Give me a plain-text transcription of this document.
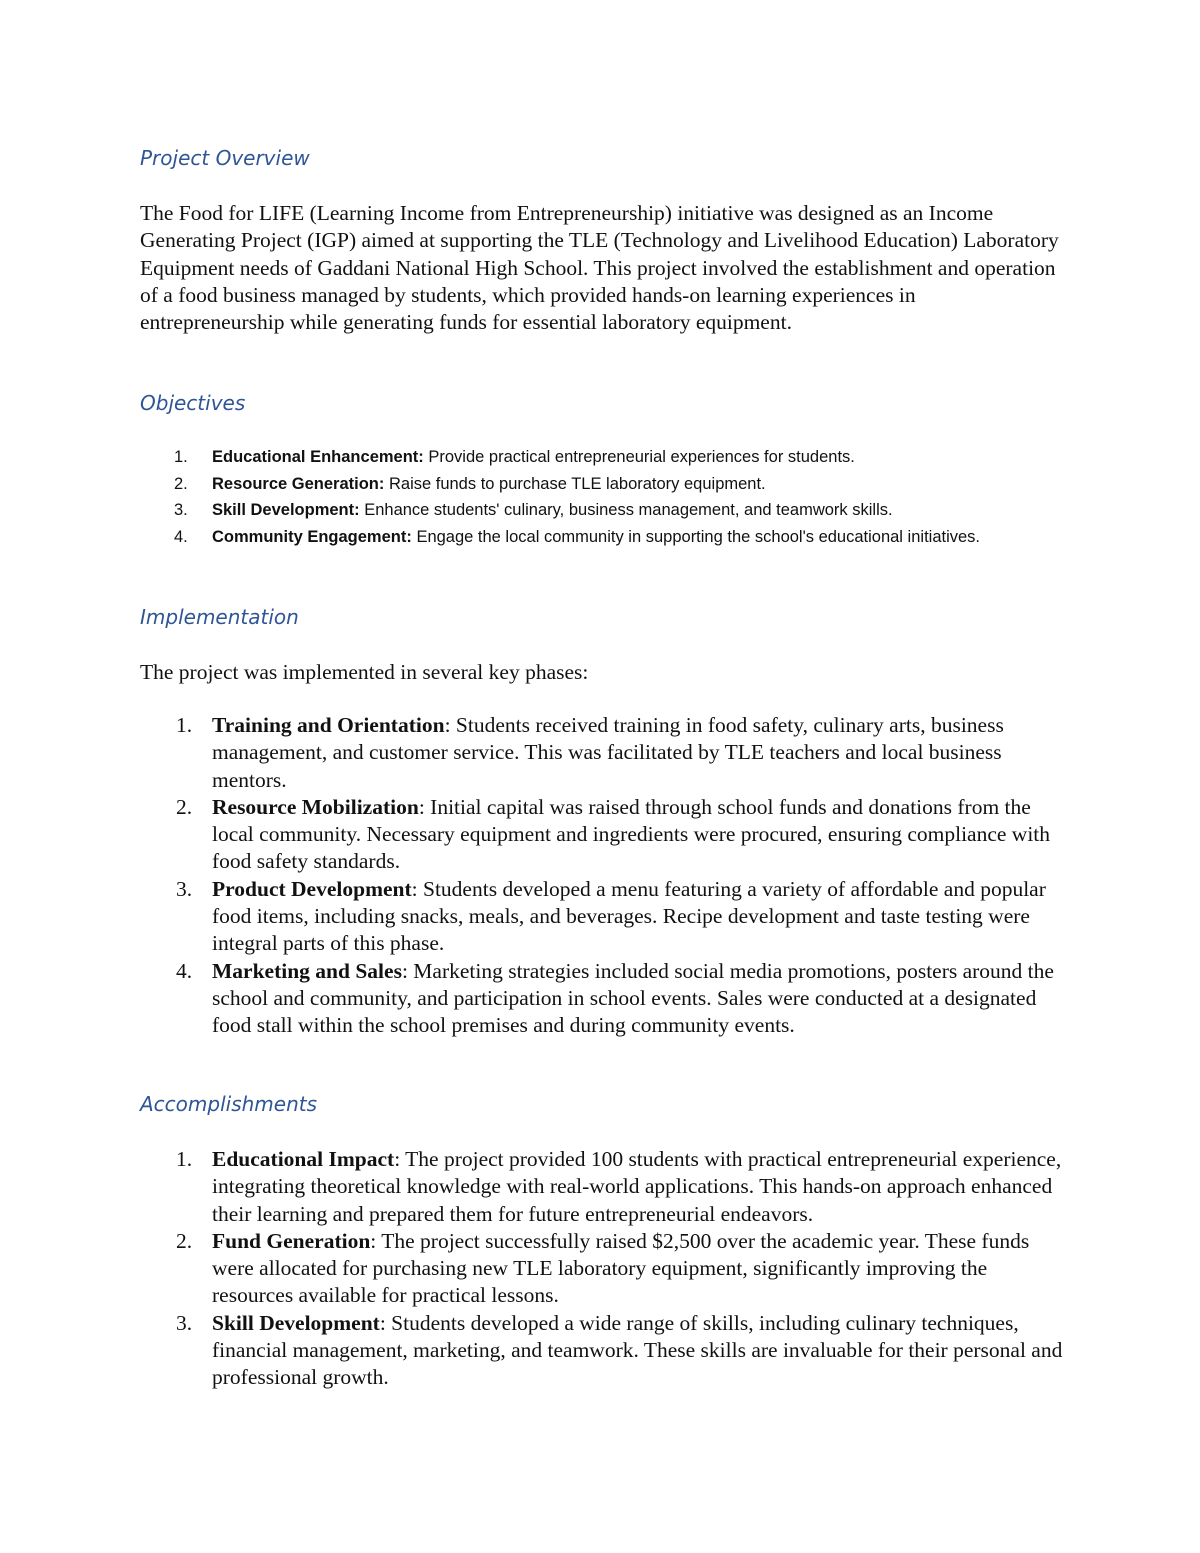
Project Overview

The Food for LIFE (Learning Income from Entrepreneurship) initiative was designed as an Income Generating Project (IGP) aimed at supporting the TLE (Technology and Livelihood Education) Laboratory Equipment needs of Gaddani National High School. This project involved the establishment and operation of a food business managed by students, which provided hands-on learning experiences in entrepreneurship while generating funds for essential laboratory equipment.

Objectives
1. Educational Enhancement: Provide practical entrepreneurial experiences for students.
2. Resource Generation: Raise funds to purchase TLE laboratory equipment.
3. Skill Development: Enhance students' culinary, business management, and teamwork skills.
4. Community Engagement: Engage the local community in supporting the school's educational initiatives.
Implementation

The project was implemented in several key phases:

1. Training and Orientation: Students received training in food safety, culinary arts, business management, and customer service. This was facilitated by TLE teachers and local business mentors.
2. Resource Mobilization: Initial capital was raised through school funds and donations from the local community. Necessary equipment and ingredients were procured, ensuring compliance with food safety standards.
3. Product Development: Students developed a menu featuring a variety of affordable and popular food items, including snacks, meals, and beverages. Recipe development and taste testing were integral parts of this phase.
4. Marketing and Sales: Marketing strategies included social media promotions, posters around the school and community, and participation in school events. Sales were conducted at a designated food stall within the school premises and during community events.
Accomplishments
1. Educational Impact: The project provided 100 students with practical entrepreneurial experience, integrating theoretical knowledge with real-world applications. This hands-on approach enhanced their learning and prepared them for future entrepreneurial endeavors.
2. Fund Generation: The project successfully raised $2,500 over the academic year. These funds were allocated for purchasing new TLE laboratory equipment, significantly improving the resources available for practical lessons.
3. Skill Development: Students developed a wide range of skills, including culinary techniques, financial management, marketing, and teamwork. These skills are invaluable for their personal and professional growth.
